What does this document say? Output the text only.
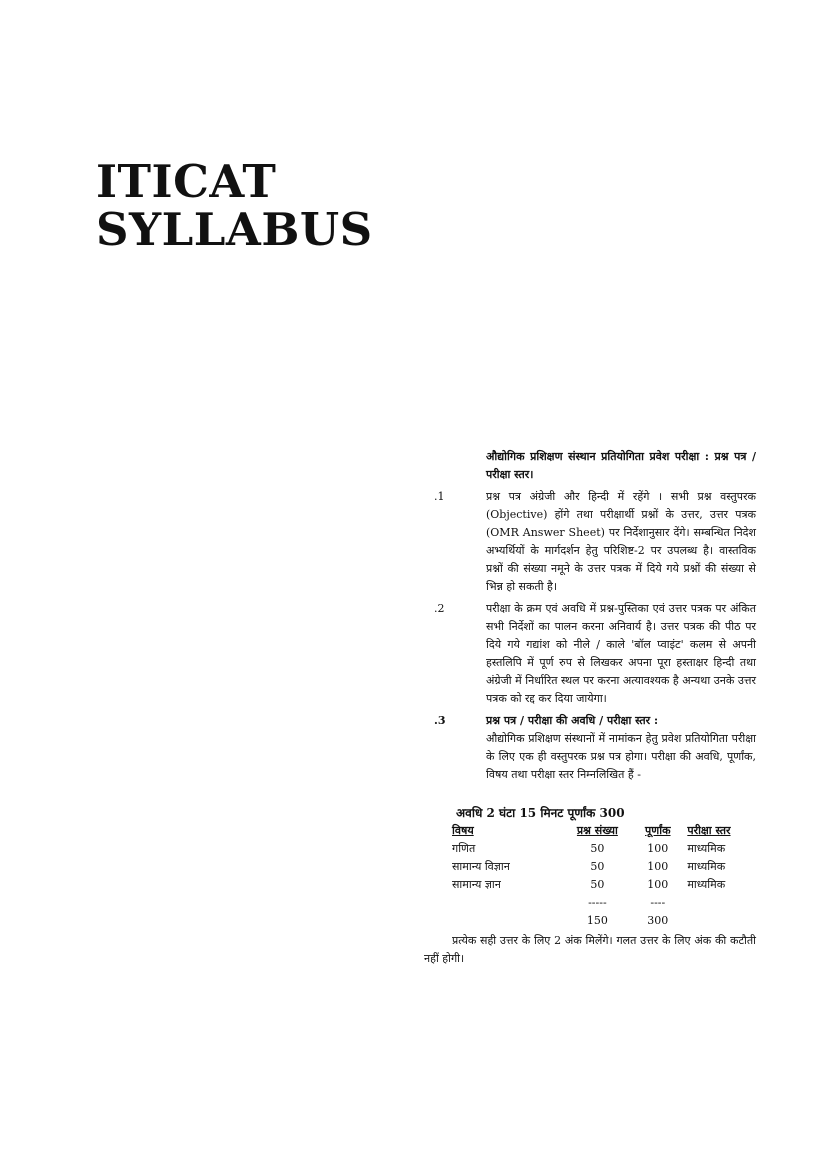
ITICAT
SYLLABUS
औद्योगिक प्रशिक्षण संस्थान प्रतियोगिता प्रवेश परीक्षा : प्रश्न पत्र / परीक्षा स्तर।
.1	प्रश्न पत्र अंग्रेजी और हिन्दी में रहेंगे । सभी प्रश्न वस्तुपरक (Objective) होंगे तथा परीक्षार्थी प्रश्नों के उत्तर, उत्तर पत्रक (OMR Answer Sheet) पर निर्देशानुसार देंगे। सम्बन्धित निदेश अभ्यर्थियों के मार्गदर्शन हेतु परिशिष्ट-2 पर उपलब्ध है। वास्तविक प्रश्नों की संख्या नमूने के उत्तर पत्रक में दिये गये प्रश्नों की संख्या से भिन्न हो सकती है।
.2	परीक्षा के क्रम एवं अवधि में प्रश्न-पुस्तिका एवं उत्तर पत्रक पर अंकित सभी निर्देशों का पालन करना अनिवार्य है। उत्तर पत्रक की पीठ पर दिये गये गद्यांश को नीले / काले 'बॉल प्वाइंट' कलम से अपनी हस्तलिपि में पूर्ण रुप से लिखकर अपना पूरा हस्ताक्षर हिन्दी तथा अंग्रेजी में निर्धारित स्थल पर करना अत्यावश्यक है अन्यथा उनके उत्तर पत्रक को रद्द कर दिया जायेगा।
.3	प्रश्न पत्र / परीक्षा की अवधि / परीक्षा स्तर :
औद्योगिक प्रशिक्षण संस्थानों में नामांकन हेतु प्रवेश प्रतियोगिता परीक्षा के लिए एक ही वस्तुपरक प्रश्न पत्र होगा। परीक्षा की अवधि, पूर्णांक, विषय तथा परीक्षा स्तर निम्नलिखित हैं -
अवधि 2 घंटा 15 मिनट पूर्णांक 300
विषय	प्रश्न संख्या	पूर्णांक	परीक्षा स्तर
गणित	50	100	माध्यमिक
सामान्य विज्ञान	50	100	माध्यमिक
सामान्य ज्ञान	50	100	माध्यमिक
	-----	----	
	150	300	
प्रत्येक सही उत्तर के लिए 2 अंक मिलेंगे। गलत उत्तर के लिए अंक की कटौती नहीं होगी।
